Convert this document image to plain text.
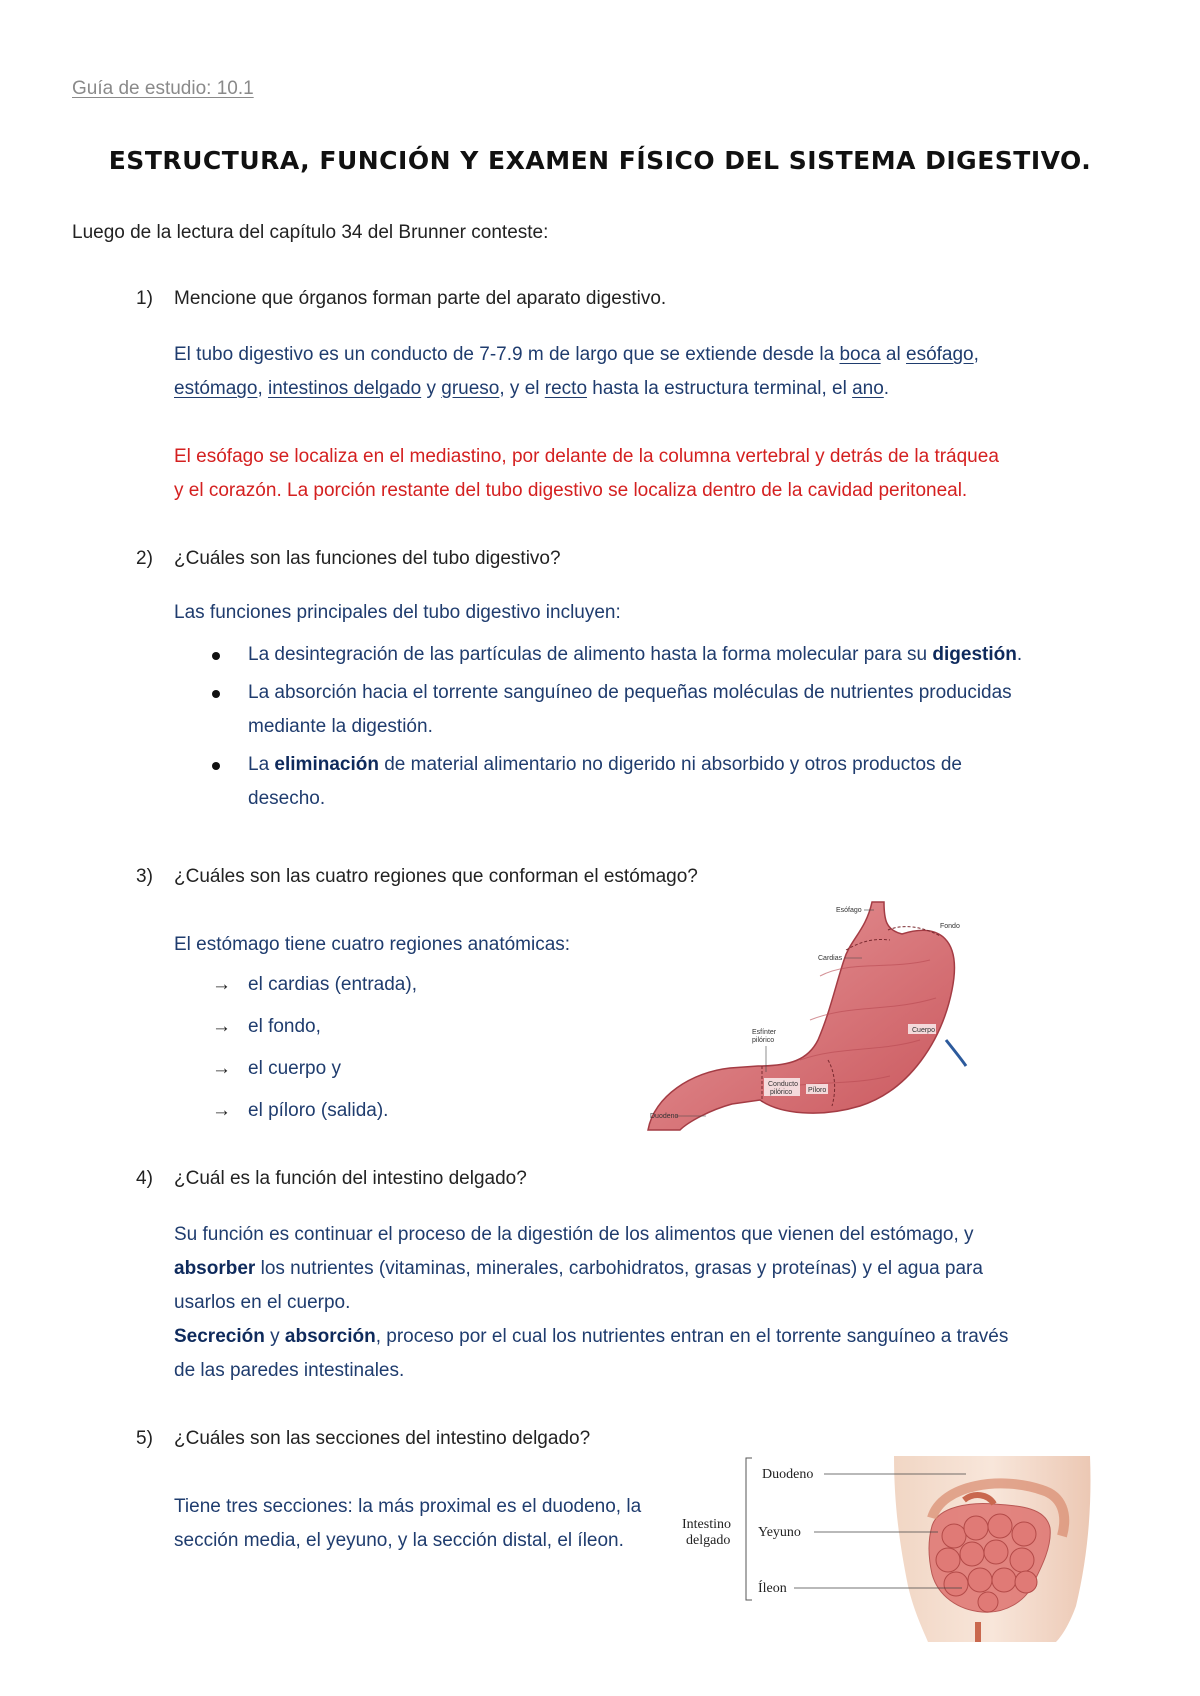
Guía de estudio: 10.1
ESTRUCTURA, FUNCIÓN Y EXAMEN FÍSICO DEL SISTEMA DIGESTIVO.
Luego de la lectura del capítulo 34 del Brunner conteste:
1) Mencione que órganos forman parte del aparato digestivo.
El tubo digestivo es un conducto de 7-7.9 m de largo que se extiende desde la boca al esófago,
estómago, intestinos delgado y grueso, y el recto hasta la estructura terminal, el ano.
El esófago se localiza en el mediastino, por delante de la columna vertebral y detrás de la tráquea
y el corazón. La porción restante del tubo digestivo se localiza dentro de la cavidad peritoneal.
2) ¿Cuáles son las funciones del tubo digestivo?
Las funciones principales del tubo digestivo incluyen:
La desintegración de las partículas de alimento hasta la forma molecular para su digestión.
La absorción hacia el torrente sanguíneo de pequeñas moléculas de nutrientes producidas
mediante la digestión.
La eliminación de material alimentario no digerido ni absorbido y otros productos de
desecho.
3) ¿Cuáles son las cuatro regiones que conforman el estómago?
El estómago tiene cuatro regiones anatómicas:
→ el cardias (entrada),
→ el fondo,
→ el cuerpo y
→ el píloro (salida).
Esófago
Fondo
Cardias
Cuerpo
Esfínter
pilórico
Conducto
pilórico Píloro
Duodeno
4) ¿Cuál es la función del intestino delgado?
Su función es continuar el proceso de la digestión de los alimentos que vienen del estómago, y
absorber los nutrientes (vitaminas, minerales, carbohidratos, grasas y proteínas) y el agua para
usarlos en el cuerpo.
Secreción y absorción, proceso por el cual los nutrientes entran en el torrente sanguíneo a través
de las paredes intestinales.
5) ¿Cuáles son las secciones del intestino delgado?
Tiene tres secciones: la más proximal es el duodeno, la
sección media, el yeyuno, y la sección distal, el íleon.
Duodeno
Intestino
delgado
Yeyuno
Íleon
